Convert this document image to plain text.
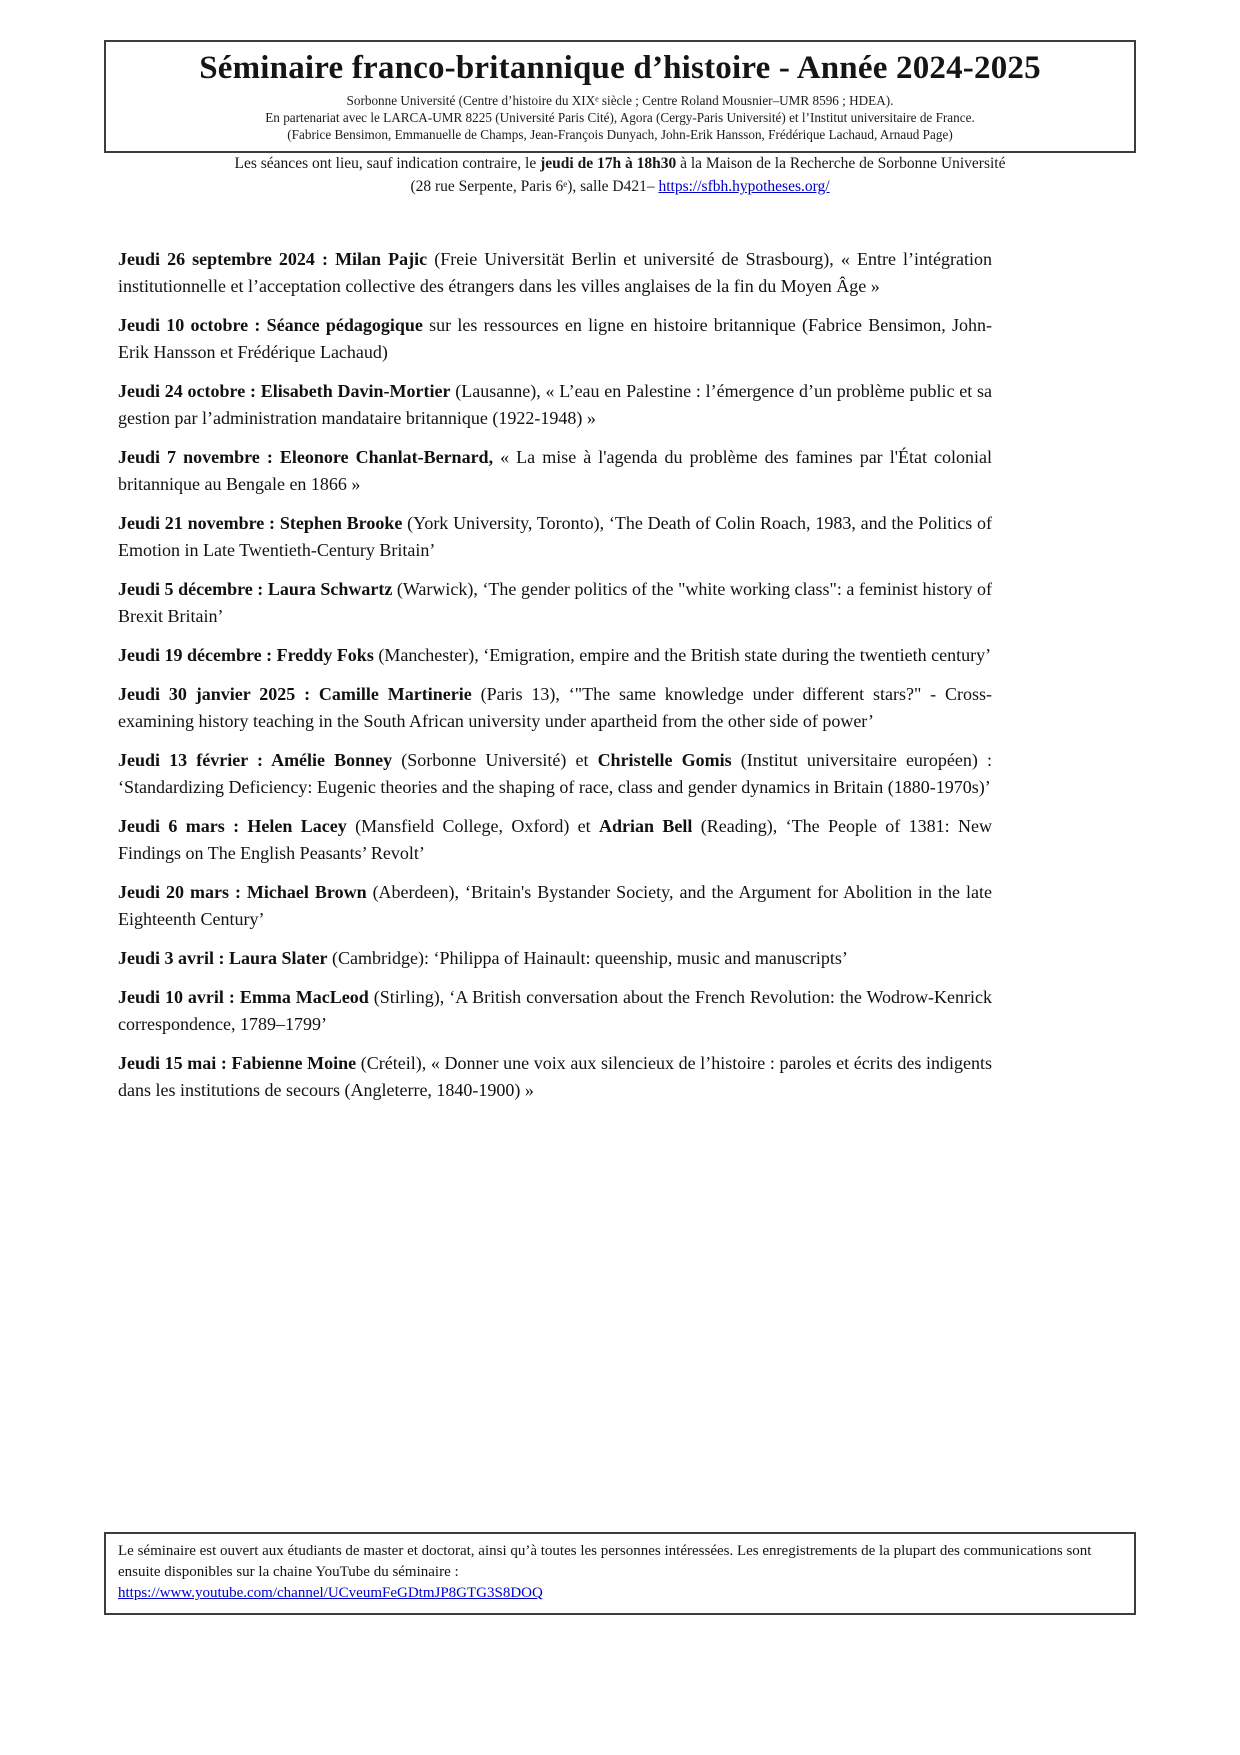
Séminaire franco-britannique d’histoire - Année 2024-2025
Sorbonne Université (Centre d’histoire du XIXᵉ siècle ; Centre Roland Mousnier–UMR 8596 ; HDEA).
En partenariat avec le LARCA-UMR 8225 (Université Paris Cité), Agora (Cergy-Paris Université) et l’Institut universitaire de France.
(Fabrice Bensimon, Emmanuelle de Champs, Jean-François Dunyach, John-Erik Hansson, Frédérique Lachaud, Arnaud Page)
Les séances ont lieu, sauf indication contraire, le jeudi de 17h à 18h30 à la Maison de la Recherche de Sorbonne Université
(28 rue Serpente, Paris 6ᵉ), salle D421– https://sfbh.hypotheses.org/

Jeudi 26 septembre 2024 : Milan Pajic (Freie Universität Berlin et université de Strasbourg), « Entre l’intégration institutionnelle et l’acceptation collective des étrangers dans les villes anglaises de la fin du Moyen Âge »

Jeudi 10 octobre : Séance pédagogique sur les ressources en ligne en histoire britannique (Fabrice Bensimon, John-Erik Hansson et Frédérique Lachaud)

Jeudi 24 octobre : Elisabeth Davin-Mortier (Lausanne), « L’eau en Palestine : l’émergence d’un problème public et sa gestion par l’administration mandataire britannique (1922-1948) »

Jeudi 7 novembre : Eleonore Chanlat-Bernard, « La mise à l'agenda du problème des famines par l'État colonial britannique au Bengale en 1866 »

Jeudi 21 novembre : Stephen Brooke (York University, Toronto), ‘The Death of Colin Roach, 1983, and the Politics of Emotion in Late Twentieth-Century Britain’

Jeudi 5 décembre : Laura Schwartz (Warwick), ‘The gender politics of the "white working class": a feminist history of Brexit Britain’

Jeudi 19 décembre : Freddy Foks (Manchester), ‘Emigration, empire and the British state during the twentieth century’

Jeudi 30 janvier 2025 : Camille Martinerie (Paris 13), ‘"The same knowledge under different stars?" - Cross-examining history teaching in the South African university under apartheid from the other side of power’

Jeudi 13 février : Amélie Bonney (Sorbonne Université) et Christelle Gomis (Institut universitaire européen) : ‘Standardizing Deficiency: Eugenic theories and the shaping of race, class and gender dynamics in Britain (1880-1970s)’

Jeudi 6 mars : Helen Lacey (Mansfield College, Oxford) et Adrian Bell (Reading), ‘The People of 1381: New Findings on The English Peasants’ Revolt’

Jeudi 20 mars : Michael Brown (Aberdeen), ‘Britain's Bystander Society, and the Argument for Abolition in the late Eighteenth Century’

Jeudi 3 avril : Laura Slater (Cambridge): ‘Philippa of Hainault: queenship, music and manuscripts’

Jeudi 10 avril : Emma MacLeod (Stirling), ‘A British conversation about the French Revolution: the Wodrow-Kenrick correspondence, 1789–1799’

Jeudi 15 mai : Fabienne Moine (Créteil), « Donner une voix aux silencieux de l’histoire : paroles et écrits des indigents dans les institutions de secours (Angleterre, 1840-1900) »

Le séminaire est ouvert aux étudiants de master et doctorat, ainsi qu’à toutes les personnes intéressées. Les enregistrements de la plupart des communications sont ensuite disponibles sur la chaine YouTube du séminaire :
https://www.youtube.com/channel/UCveumFeGDtmJP8GTG3S8DOQ
